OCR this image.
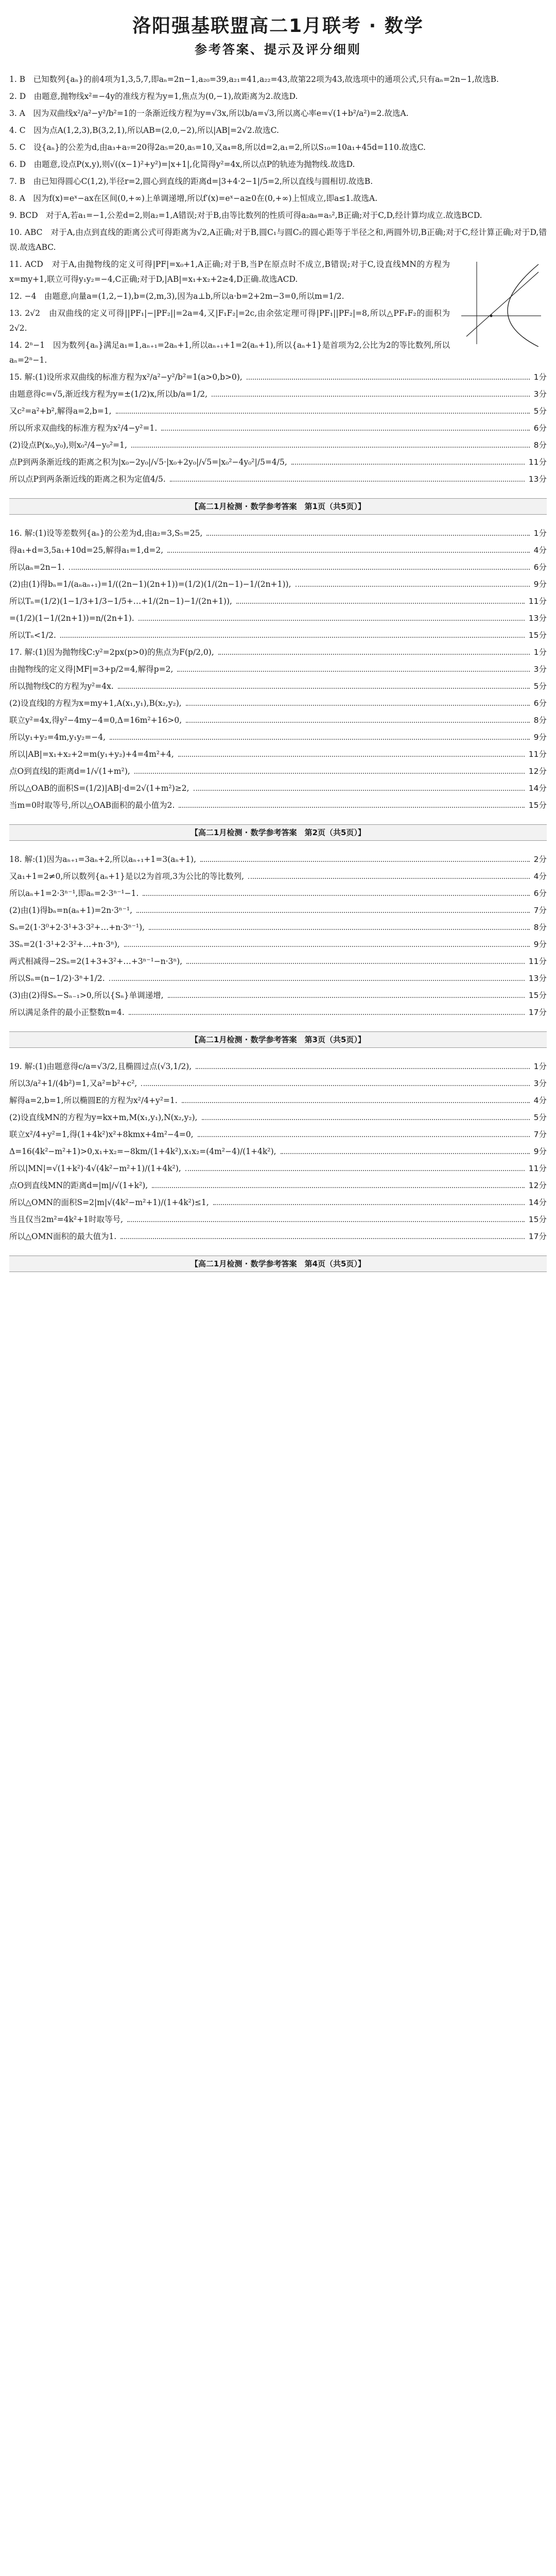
洛阳强基联盟高二1月联考 · 数学
参考答案、提示及评分细则

1. B　已知数列{aₙ}的前4项为1,3,5,7,即aₙ=2n−1,a₂₀=39,a₂₁=41,a₂₂=43,故第22项为43,故选项中的通项公式,只有aₙ=2n−1,故选B.

2. D　由题意,抛物线x²=−4y的准线方程为y=1,焦点为(0,−1),故距离为2.故选D.

3. A　因为双曲线x²/a²−y²/b²=1的一条渐近线方程为y=√3x,所以b/a=√3,所以离心率e=√(1+b²/a²)=2.故选A.

4. C　因为点A(1,2,3),B(3,2,1),所以AB=(2,0,−2),所以|AB|=2√2.故选C.

5. C　设{aₙ}的公差为d,由a₃+a₇=20得2a₅=20,a₅=10,又a₄=8,所以d=2,a₁=2,所以S₁₀=10a₁+45d=110.故选C.

6. D　由题意,设点P(x,y),则√((x−1)²+y²)=|x+1|,化简得y²=4x,所以点P的轨迹为抛物线.故选D.

7. B　由已知得圆心C(1,2),半径r=2,圆心到直线的距离d=|3+4·2−1|/5=2,所以直线与圆相切.故选B.

8. A　因为f(x)=eˣ−ax在区间(0,+∞)上单调递增,所以f′(x)=eˣ−a≥0在(0,+∞)上恒成立,即a≤1.故选A.

9. BCD　对于A,若a₁=−1,公差d=2,则a₂=1,A错误;对于B,由等比数列的性质可得a₂a₈=a₅²,B正确;对于C,D,经计算均成立.故选BCD.

10. ABC　对于A,由点到直线的距离公式可得距离为√2,A正确;对于B,圆C₁与圆C₂的圆心距等于半径之和,两圆外切,B正确;对于C,经计算正确;对于D,错误.故选ABC.

11. ACD　对于A,由抛物线的定义可得|PF|=x₀+1,A正确;对于B,当P在原点时不成立,B错误;对于C,设直线MN的方程为x=my+1,联立可得y₁y₂=−4,C正确;对于D,|AB|=x₁+x₂+2≥4,D正确.故选ACD.

12. −4　由题意,向量a=(1,2,−1),b=(2,m,3),因为a⊥b,所以a·b=2+2m−3=0,所以m=1/2.

13. 2√2　由双曲线的定义可得||PF₁|−|PF₂||=2a=4,又|F₁F₂|=2c,由余弦定理可得|PF₁||PF₂|=8,所以△PF₁F₂的面积为2√2.

14. 2ⁿ−1　因为数列{aₙ}满足a₁=1,aₙ₊₁=2aₙ+1,所以aₙ₊₁+1=2(aₙ+1),所以{aₙ+1}是首项为2,公比为2的等比数列,所以aₙ=2ⁿ−1.

15. 解:(1)设所求双曲线的标准方程为x²/a²−y²/b²=1(a>0,b>0),	1分
由题意得c=√5,渐近线方程为y=±(1/2)x,所以b/a=1/2,	3分
又c²=a²+b²,解得a=2,b=1,	5分
所以所求双曲线的标准方程为x²/4−y²=1.	6分
(2)设点P(x₀,y₀),则x₀²/4−y₀²=1,	8分
点P到两条渐近线的距离之积为|x₀−2y₀|/√5·|x₀+2y₀|/√5=|x₀²−4y₀²|/5=4/5,	11分
所以点P到两条渐近线的距离之积为定值4/5.	13分
【高二1月检测 · 数学参考答案　第1页（共5页）】
16. 解:(1)设等差数列{aₙ}的公差为d,由a₂=3,S₅=25,	1分
得a₁+d=3,5a₁+10d=25,解得a₁=1,d=2,	4分
所以aₙ=2n−1.	6分
(2)由(1)得bₙ=1/(aₙaₙ₊₁)=1/((2n−1)(2n+1))=(1/2)(1/(2n−1)−1/(2n+1)),	9分
所以Tₙ=(1/2)(1−1/3+1/3−1/5+…+1/(2n−1)−1/(2n+1)),	11分
=(1/2)(1−1/(2n+1))=n/(2n+1).	13分
所以Tₙ<1/2.	15分
17. 解:(1)因为抛物线C:y²=2px(p>0)的焦点为F(p/2,0),	1分
由抛物线的定义得|MF|=3+p/2=4,解得p=2,	3分
所以抛物线C的方程为y²=4x.	5分
(2)设直线l的方程为x=my+1,A(x₁,y₁),B(x₂,y₂),	6分
联立y²=4x,得y²−4my−4=0,Δ=16m²+16>0,	8分
所以y₁+y₂=4m,y₁y₂=−4,	9分
所以|AB|=x₁+x₂+2=m(y₁+y₂)+4=4m²+4,	11分
点O到直线l的距离d=1/√(1+m²),	12分
所以△OAB的面积S=(1/2)|AB|·d=2√(1+m²)≥2,	14分
当m=0时取等号,所以△OAB面积的最小值为2.	15分
【高二1月检测 · 数学参考答案　第2页（共5页）】
18. 解:(1)因为aₙ₊₁=3aₙ+2,所以aₙ₊₁+1=3(aₙ+1),	2分
又a₁+1=2≠0,所以数列{aₙ+1}是以2为首项,3为公比的等比数列,	4分
所以aₙ+1=2·3ⁿ⁻¹,即aₙ=2·3ⁿ⁻¹−1.	6分
(2)由(1)得bₙ=n(aₙ+1)=2n·3ⁿ⁻¹,	7分
Sₙ=2(1·3⁰+2·3¹+3·3²+…+n·3ⁿ⁻¹),	8分
3Sₙ=2(1·3¹+2·3²+…+n·3ⁿ),	9分
两式相减得−2Sₙ=2(1+3+3²+…+3ⁿ⁻¹−n·3ⁿ),	11分
所以Sₙ=(n−1/2)·3ⁿ+1/2.	13分
(3)由(2)得Sₙ−Sₙ₋₁>0,所以{Sₙ}单调递增,	15分
所以满足条件的最小正整数n=4.	17分
【高二1月检测 · 数学参考答案　第3页（共5页）】
19. 解:(1)由题意得c/a=√3/2,且椭圆过点(√3,1/2),	1分
所以3/a²+1/(4b²)=1,又a²=b²+c²,	3分
解得a=2,b=1,所以椭圆E的方程为x²/4+y²=1.	4分
(2)设直线MN的方程为y=kx+m,M(x₁,y₁),N(x₂,y₂),	5分
联立x²/4+y²=1,得(1+4k²)x²+8kmx+4m²−4=0,	7分
Δ=16(4k²−m²+1)>0,x₁+x₂=−8km/(1+4k²),x₁x₂=(4m²−4)/(1+4k²),	9分
所以|MN|=√(1+k²)·4√(4k²−m²+1)/(1+4k²),	11分
点O到直线MN的距离d=|m|/√(1+k²),	12分
所以△OMN的面积S=2|m|√(4k²−m²+1)/(1+4k²)≤1,	14分
当且仅当2m²=4k²+1时取等号,	15分
所以△OMN面积的最大值为1.	17分
【高二1月检测 · 数学参考答案　第4页（共5页）】
